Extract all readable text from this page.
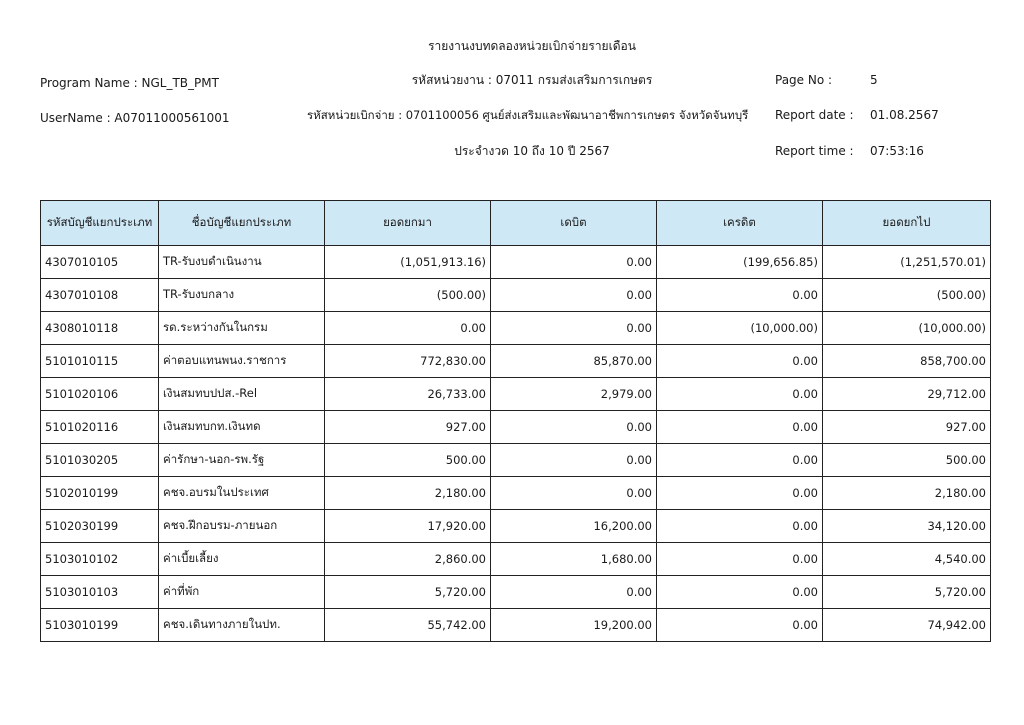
รายงานงบทดลองหน่วยเบิกจ่ายรายเดือน
Program Name : NGL_TB_PMT	รหัสหน่วยงาน : 07011 กรมส่งเสริมการเกษตร	Page No :	5
UserName : A07011000561001	รหัสหน่วยเบิกจ่าย : 0701100056 ศูนย์ส่งเสริมและพัฒนาอาชีพการเกษตร จังหวัดจันทบุรี Report date : 01.08.2567
ประจำงวด 10 ถึง 10 ปี 2567	Report time : 07:53:16
รหัสบัญชีแยกประเภท	ชื่อบัญชีแยกประเภท	ยอดยกมา	เดบิต	เครดิต	ยอดยกไป
4307010105	TR-รับงบดำเนินงาน	(1,051,913.16)	0.00	(199,656.85)	(1,251,570.01)
4307010108	TR-รับงบกลาง	(500.00)	0.00	0.00	(500.00)
4308010118	รด.ระหว่างกันในกรม	0.00	0.00	(10,000.00)	(10,000.00)
5101010115	ค่าตอบแทนพนง.ราชการ	772,830.00	85,870.00	0.00	858,700.00
5101020106	เงินสมทบปปส.-Rel	26,733.00	2,979.00	0.00	29,712.00
5101020116	เงินสมทบกท.เงินทด	927.00	0.00	0.00	927.00
5101030205	ค่ารักษา-นอก-รพ.รัฐ	500.00	0.00	0.00	500.00
5102010199	คชจ.อบรมในประเทศ	2,180.00	0.00	0.00	2,180.00
5102030199	คชจ.ฝึกอบรม-ภายนอก	17,920.00	16,200.00	0.00	34,120.00
5103010102	ค่าเบี้ยเลี้ยง	2,860.00	1,680.00	0.00	4,540.00
5103010103	ค่าที่พัก	5,720.00	0.00	0.00	5,720.00
5103010199	คชจ.เดินทางภายในปท.	55,742.00	19,200.00	0.00	74,942.00
